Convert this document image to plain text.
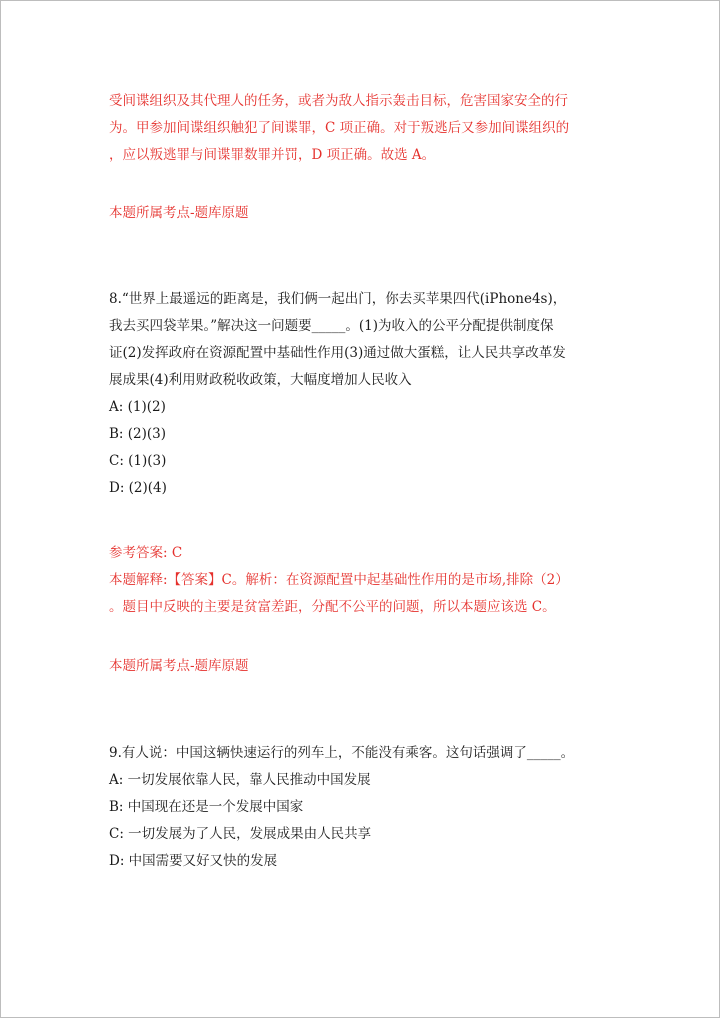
受间谍组织及其代理人的任务，或者为敌人指示轰击目标，危害国家安全的行
为。甲参加间谍组织触犯了间谍罪，C 项正确。对于叛逃后又参加间谍组织的
，应以叛逃罪与间谍罪数罪并罚，D 项正确。故选 A。
本题所属考点-题库原题
8.“世界上最遥远的距离是，我们俩一起出门，你去买苹果四代(iPhone4s)，
我去买四袋苹果。”解决这一问题要_____。(1)为收入的公平分配提供制度保
证(2)发挥政府在资源配置中基础性作用(3)通过做大蛋糕，让人民共享改革发
展成果(4)利用财政税收政策，大幅度增加人民收入
A: (1)(2)
B: (2)(3)
C: (1)(3)
D: (2)(4)
参考答案: C
本题解释:【答案】C。解析：在资源配置中起基础性作用的是市场,排除（2）
。题目中反映的主要是贫富差距，分配不公平的问题，所以本题应该选 C。
本题所属考点-题库原题
9.有人说：中国这辆快速运行的列车上，不能没有乘客。这句话强调了_____。
A: 一切发展依靠人民，靠人民推动中国发展
B: 中国现在还是一个发展中国家
C: 一切发展为了人民，发展成果由人民共享
D: 中国需要又好又快的发展
